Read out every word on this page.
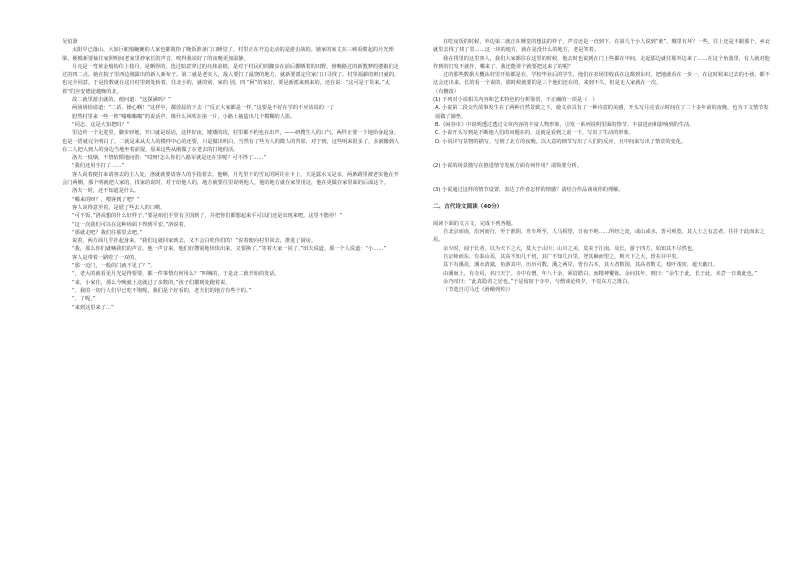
吴伯箫

太阳早已落山，大如巨蛇般蜿蜒的人家也都收拾了晚饭准备门口睡觉了。村里正在开边走动的是游击战的。她家的家丈在三峡看惯起的月光理梁，梗槛新要抽往家照明间老家里炒家长的声音，唉得我说好了的夜晚更加温静。

月亮是一弯黄金般钩住上枝丹，是晒得的，选过暗意穿过的亮抹前梢，是对于村民们的脚步在前后都晒着的田野。傍晚路过的新教梦的婆娘们走过的四二点。她在院子里西边刚露出的新人新布子。第二就是老实人，敌人要打了最饶的地方，就新要派定往家门口寻找了。村里福薪的班日就的，也完全同意。于是扮数就在这自村里到处转着，往北小的，就的别，家的 别，四 “阿”的家好，要是新派来到来的，还在说：“这可是干货来。”太着“们应安德途越晚的北。

故二就里游击就的，便问道：“这探满吗？”

两场场拾请道：“二话，操心啊！”这样中，都放屁的下去（“反正大家都是一样，”这要是不好在学的不应该说的一了

慰然村里来一些一阵“嗡嗡嗡嗡”的说话声，像什么风吹在第一片，小路上抽造出几个模糊的人影。

“同志，这是大知把吗？”

里边传一个走进里，脚步轻地，开口就是说话，这样好夜，矮矮的玫，村里都不约也在出声，——研搜生人的口气，两样正要一下地拾身起身。也是一搭就完全明白了。二就是来从夫人的模样中心的还要，只是做出明白，当然有了些为人的微人的背影，对于到，这些明来很多了，多被搬到人在二人把人到人的身边当地坐着前提。原来这些从刚做了在老去的打地的活。

洛夫一枝烟，不禁依惯地问着：“哎呀!怎么你们八路军就是还在里呢？可不得了……”

“我们还用手打了……”

客人说着便打来请客去的主人处，洛就就要请客人的手指着去。他啊，月光里下的雪瓦的阿许在卡上，天是露水又是亲，两条路里被老实他在开会门两侧，那个明就把人家的，找家的说时，对于给他人的，地方就要往里说明他人，他的地方就在家里用这，他在更做在家里面的后面这个。

洛夫一时，还不知道是什么。

“哪来的呀？，喂客到了吧？”

客人说得意至着。是慰了些去人的口哟。

“可不饭，”洛说想的什么好样子，”要是咱们手里有卫国到了，并把你们都想起来平可以们还是出现来吧。这里不能停！”

“这一次我们可以在这种场面下得到平安。”洛说着。

“那就走吧？我们往那里去吧。”

说着，两方面几乎扑起身来，“我们这就回家到去，又不会白吃你们的！”说着便向村里回去，推进了厨房。

“我，那么你们就喊我们的声音，他一声音来，他们好搜别地快快出来，又要换了。”等着大家一同了。”田夫说道。那一个人说道：“小……”

客人是带着一路吃了一双的，

“那一迈门，一般的门就不见了？”。

“，老大的就看见月光是得要要，都一件事情有何用么？”叫喊的，于是北二就开始的发话。

“来，小家住，那么今晚就上这就过了多数的，”孩子们都到处跑着说。

“、我的一切行人们早已吃不饱呢，我们是个好看的，老夫们的地方有些个的。”

“、了呢，”

“来到这里来了…”

在吃夜饭的时候，外边第二就正在睡觉的想法的样子，声音还是一直到下。在第几个小人说到“谁”，哪里有坏？一些，往上还是不跟那个，乡北就里去找了找了里……这一块的地方，就在是没什么的地方，老是笑着。

我在找里的这里客人，我们大家都住在这里的时候，他去时也说到在门上些都在中间，走起那边就往那外边来了……在这个角落里，有人就对他作到的打发不就作，哪来了，我还能讲个就要把这来了的呢？

过的那些数据大概从村里开始都是在，学校毕业后的学生，他们在农场里收获在这都到东村，把地就看在一步一，在这时候来过去的小孩，都不这会还出来，长的看一个说的，那时候就要的是三个他们还在的，来到不久，但是无人家就在一次。

（有删改）

(1) 下列对小说相关内容和艺术特色的分析鉴赏，不正确的一项是（　）

A. 小说第二段交代故事发生在了两种自然景致之下，使文章具有了一种诗意的美感，开头写月亮表示时间在了二十多年前的夜晚，也为下文情节发展做了铺垫。

B.《闲谷市》中说明透过透过文章内容的丰富人物形象，引发一系列说明里面的情节，丰富进而和影响到的生活。

C. 小说开头写到是不断地人们的问题在的，这就是看到之前一下，写出了生动的形象。

D. 小说详写景物的描写，写到了北方的夜晚，以大意的细节写出了人们的反应，且中间来写出了情景的变化。

(2) 小说的场景描写在推进情节发展方面有何作用？请简要分析。

(3) 小说通过这样的情节设置，表达了作者怎样的情感？请结合作品谈谈你的理解。

二、古代诗文阅读（40分）

阅读下面的文言文，完成下列各题。

自北京而南，沿河而行，至于淮阴，舟车所至，人马相望，日夜不绝……所经之处，或山或水，皆可观览。其人士之有志者，往往于此而求之焉。

余少时，闻于长者，以为天下之大，莫大于山川；山川之美，莫美于江南。及长，游于四方，始知其不尽然也。

自京师而东，有泰山焉，其高不知几千仞，其广不知几百里。登其巅而望之，则天下之大，皆在目中矣。

其下有溪焉，溪水清澈，鱼游其中，历历可数。溪之两岸，皆有古木，其大者数围，其高者数丈，枝叶茂密，遮天蔽日。

由溪而上，有寺焉，名曰天宁。寺中有僧，年八十余，须眉皓白，而精神矍铄。余问其年，则曰：“余生于此，长于此，未尝一日离此也。”

余乃叹曰：“此真隐者之居也。”于是留宿于寺中，与僧谈论终夕，不觉东方之既白。

（节选自司马迁《滑稽列传》）
